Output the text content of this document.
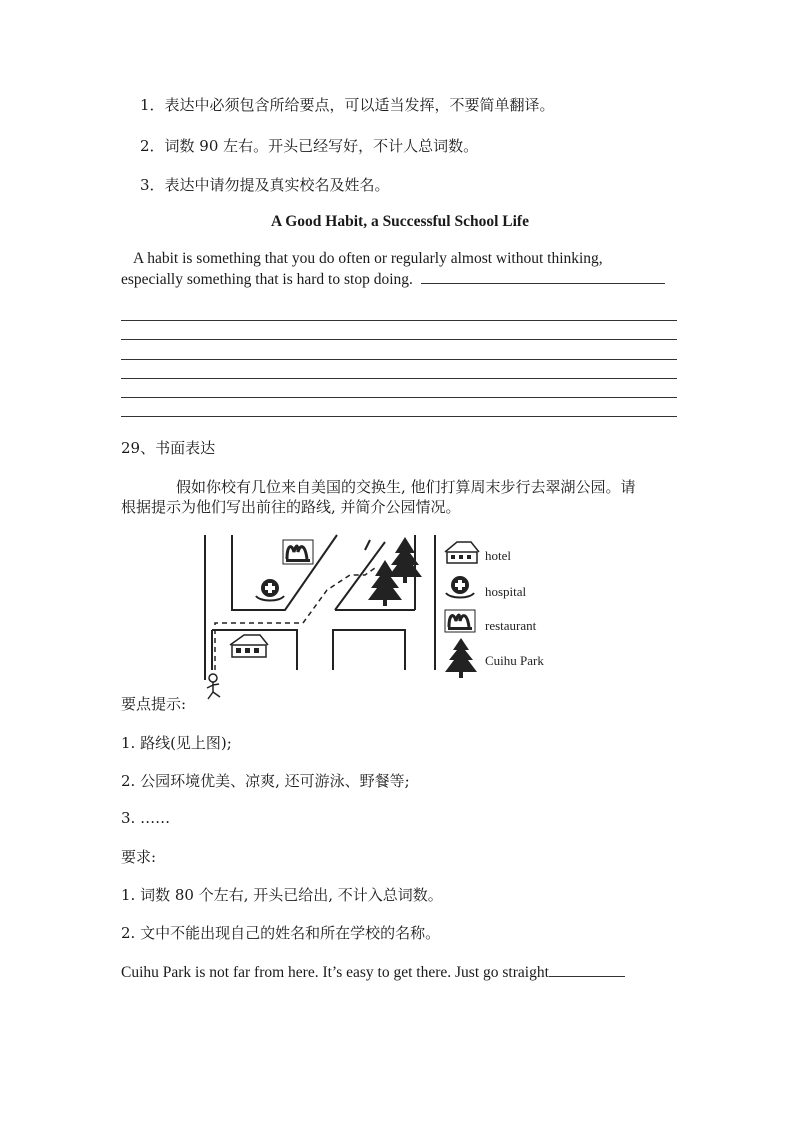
1．表达中必须包含所给要点，可以适当发挥，不要简单翻译。
2．词数 90 左右。开头已经写好，不计人总词数。
3．表达中请勿提及真实校名及姓名。
A Good Habit, a Successful School Life
A habit is something that you do often or regularly almost without thinking,
especially something that is hard to stop doing.
29、书面表达
假如你校有几位来自美国的交换生, 他们打算周末步行去翠湖公园。请
根据提示为他们写出前往的路线, 并简介公园情况。
hotel
hospital
restaurant
Cuihu Park
要点提示:
1. 路线(见上图);
2. 公园环境优美、凉爽, 还可游泳、野餐等;
3. ……
要求:
1. 词数 80 个左右, 开头已给出, 不计入总词数。
2. 文中不能出现自己的姓名和所在学校的名称。
Cuihu Park is not far from here. It’s easy to get there. Just go straight
